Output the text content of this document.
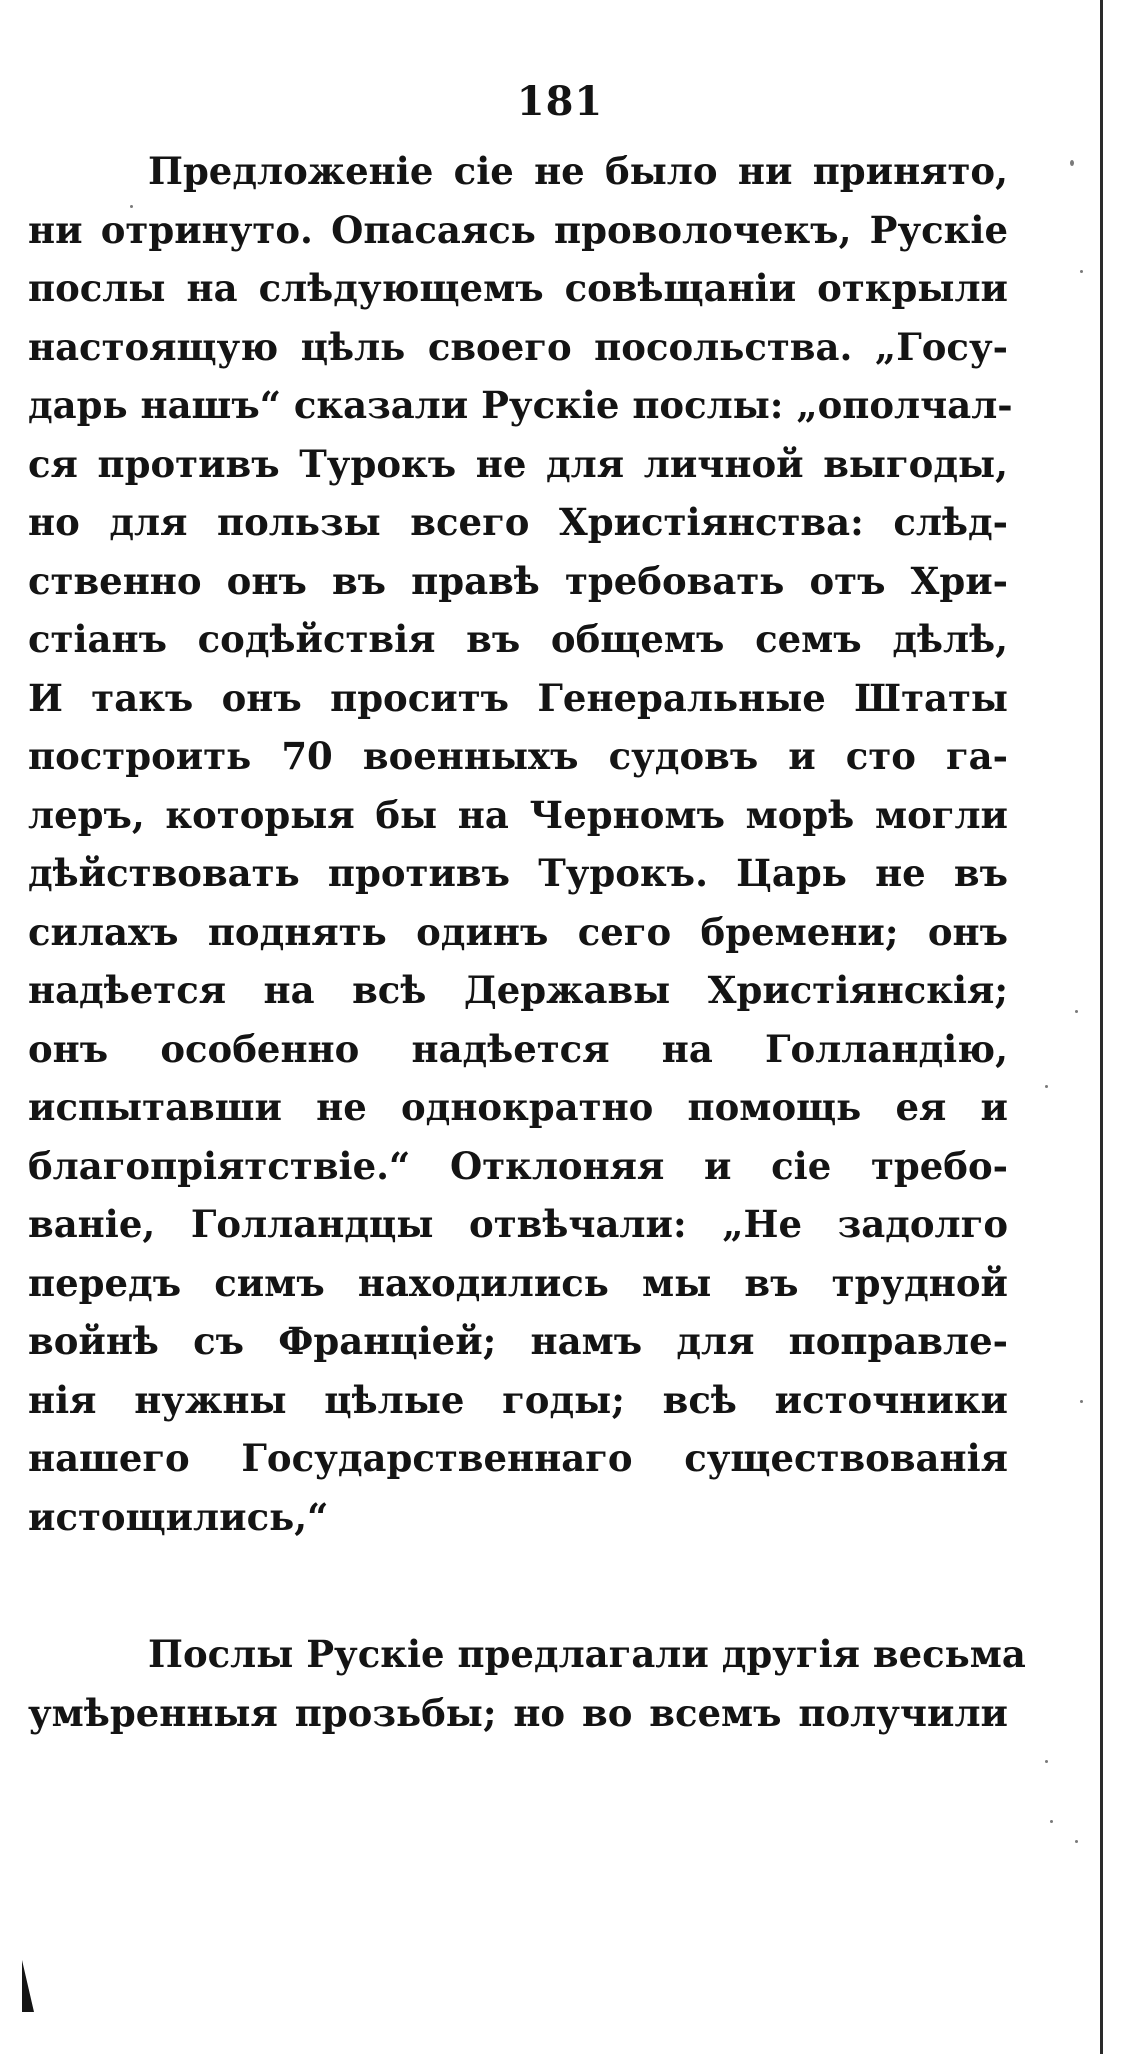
181
Предложеніе сіе не было ни принято,
ни отринуто. Опасаясь проволочекъ, Рускіе
послы на слѣдующемъ совѣщаніи открыли
настоящую цѣль своего посольства. „Госу-
дарь нашъ“ сказали Рускіе послы: „ополчал-
ся противъ Турокъ не для личной выгоды,
но для пользы всего Христіянства: слѣд-
ственно онъ въ правѣ требовать отъ Хри-
стіанъ содѣйствія въ общемъ семъ дѣлѣ,
И такъ онъ проситъ Генеральные Штаты
построить 70 военныхъ судовъ и сто га-
леръ, которыя бы на Черномъ морѣ могли
дѣйствовать противъ Турокъ. Царь не въ
силахъ поднять одинъ сего бремени; онъ
надѣется на всѣ Державы Христіянскія;
онъ особенно надѣется на Голландію,
испытавши не однократно помощь ея и
благопріятствіе.“ Отклоняя и сіе требо-
ваніе, Голландцы отвѣчали: „Не задолго
передъ симъ находились мы въ трудной
войнѣ съ Франціей; намъ для поправле-
нія нужны цѣлые годы; всѣ источники
нашего Государственнаго существованія
истощились,“
Послы Рускіе предлагали другія весьма
умѣренныя прозьбы; но во всемъ получили
